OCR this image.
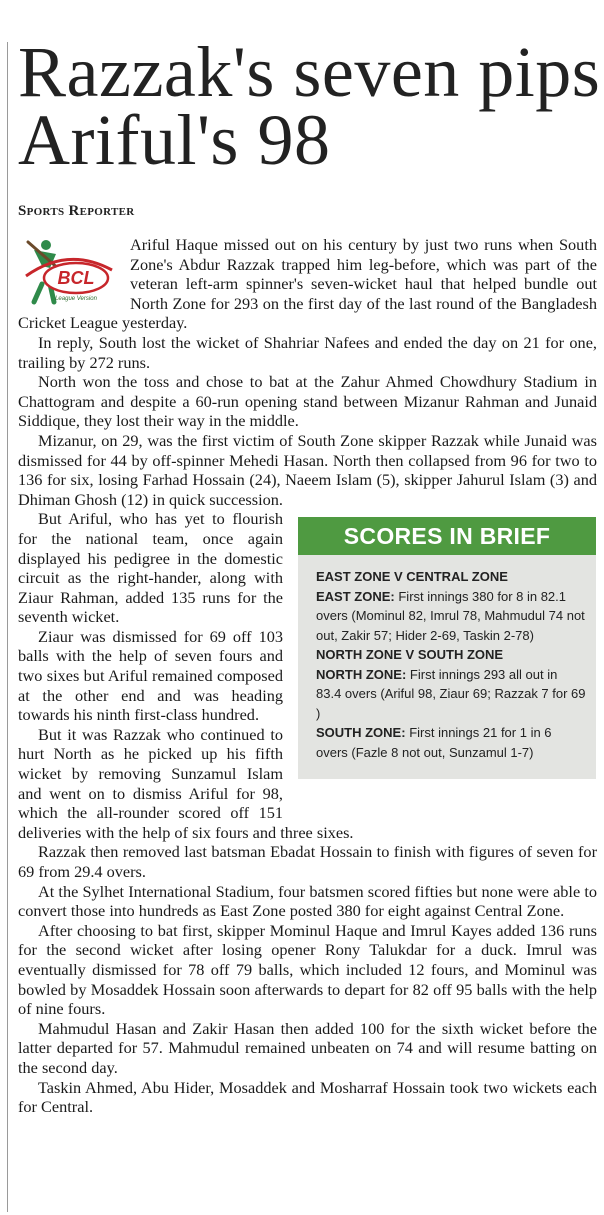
Razzak's seven pips Ariful's 98
Sports Reporter
BCL
League Version

Ariful Haque missed out on his century by just two runs when South Zone's Abdur Razzak trapped him leg-before, which was part of the veteran left-arm spinner's seven-wicket haul that helped bundle out North Zone for 293 on the first day of the last round of the Bangladesh Cricket League yesterday.

In reply, South lost the wicket of Shahriar Nafees and ended the day on 21 for one, trailing by 272 runs.

North won the toss and chose to bat at the Zahur Ahmed Chowdhury Stadium in Chattogram and despite a 60-run opening stand between Mizanur Rahman and Junaid Siddique, they lost their way in the middle.

Mizanur, on 29, was the first victim of South Zone skipper Razzak while Junaid was dismissed for 44 by off-spinner Mehedi Hasan. North then collapsed from 96 for two to 136 for six, losing Farhad Hossain (24), Naeem Islam (5), skipper Jahurul Islam (3) and Dhiman Ghosh (12) in quick succession.

But Ariful, who has yet to flourish for the national team, once again displayed his pedigree in the domestic circuit as the right-hander, along with Ziaur Rahman, added 135 runs for the seventh wicket.

Ziaur was dismissed for 69 off 103 balls with the help of seven fours and two sixes but Ariful remained composed at the other end and was heading towards his ninth first-class hundred.

But it was Razzak who continued to hurt North as he picked up his fifth wicket by removing Sunzamul Islam and went on to dismiss Ariful for 98, which the all-rounder scored off 151 deliveries with the help of six fours and three sixes.

Razzak then removed last batsman Ebadat Hossain to finish with figures of seven for 69 from 29.4 overs.

At the Sylhet International Stadium, four batsmen scored fifties but none were able to convert those into hundreds as East Zone posted 380 for eight against Central Zone.

After choosing to bat first, skipper Mominul Haque and Imrul Kayes added 136 runs for the second wicket after losing opener Rony Talukdar for a duck. Imrul was eventually dismissed for 78 off 79 balls, which included 12 fours, and Mominul was bowled by Mosaddek Hossain soon afterwards to depart for 82 off 95 balls with the help of nine fours.

Mahmudul Hasan and Zakir Hasan then added 100 for the sixth wicket before the latter departed for 57. Mahmudul remained unbeaten on 74 and will resume batting on the second day.

Taskin Ahmed, Abu Hider, Mosaddek and Mosharraf Hossain took two wickets each for Central.

SCORES IN BRIEF
EAST ZONE V CENTRAL ZONE
EAST ZONE: First innings 380 for 8 in 82.1 overs (Mominul 82, Imrul 78, Mahmudul 74 not out, Zakir 57; Hider 2-69, Taskin 2-78)
NORTH ZONE V SOUTH ZONE
NORTH ZONE: First innings 293 all out in 83.4 overs (Ariful 98, Ziaur 69; Razzak 7 for 69 )
SOUTH ZONE: First innings 21 for 1 in 6 overs (Fazle 8 not out, Sunzamul 1-7)
